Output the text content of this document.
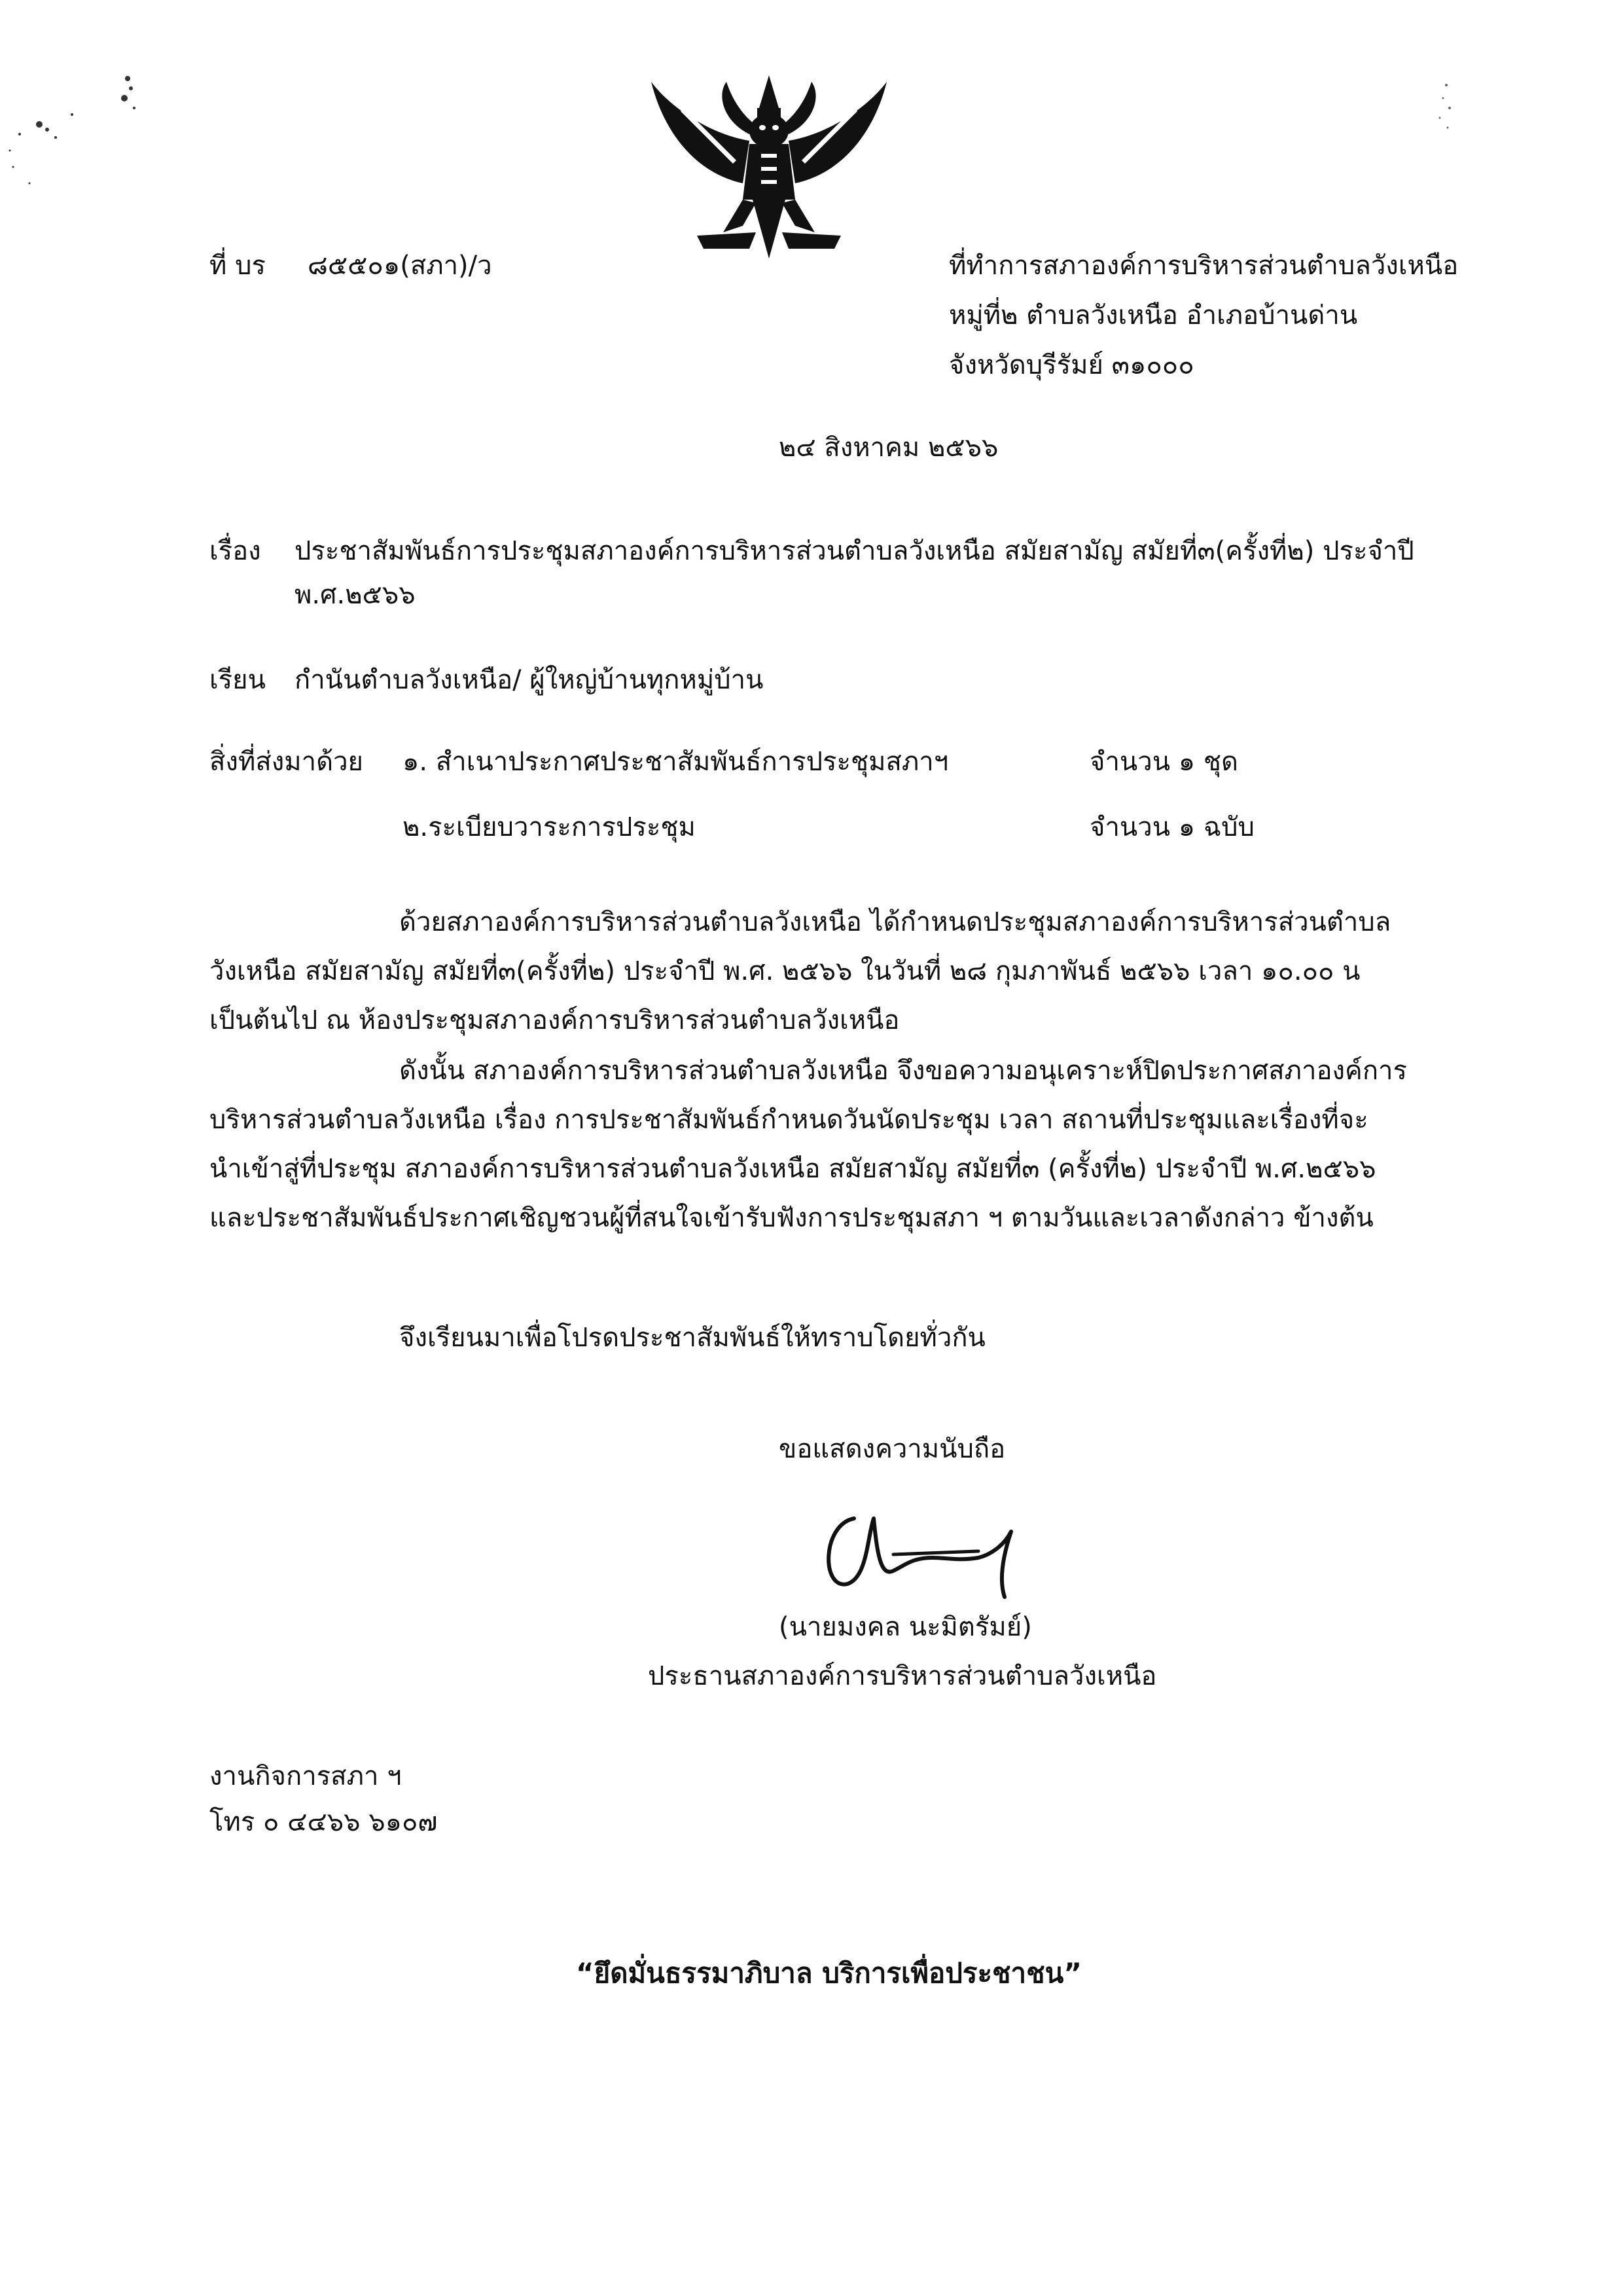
ที่ บร ๘๕๕๐๑(สภา)/ว	ที่ทำการสภาองค์การบริหารส่วนตำบลวังเหนือ
หมู่ที่๒ ตำบลวังเหนือ อำเภอบ้านด่าน
จังหวัดบุรีรัมย์ ๓๑๐๐๐
๒๔ สิงหาคม ๒๕๖๖
เรื่อง ประชาสัมพันธ์การประชุมสภาองค์การบริหารส่วนตำบลวังเหนือ สมัยสามัญ สมัยที่๓(ครั้งที่๒) ประจำปี
พ.ศ.๒๕๖๖
เรียน กำนันตำบลวังเหนือ/ ผู้ใหญ่บ้านทุกหมู่บ้าน
สิ่งที่ส่งมาด้วย ๑. สำเนาประกาศประชาสัมพันธ์การประชุมสภาฯ	จำนวน ๑ ชุด
๒.ระเบียบวาระการประชุม	จำนวน ๑ ฉบับ
ด้วยสภาองค์การบริหารส่วนตำบลวังเหนือ ได้กำหนดประชุมสภาองค์การบริหารส่วนตำบล
วังเหนือ สมัยสามัญ สมัยที่๓(ครั้งที่๒) ประจำปี พ.ศ. ๒๕๖๖ ในวันที่ ๒๘ กุมภาพันธ์ ๒๕๖๖ เวลา ๑๐.๐๐ น
เป็นต้นไป ณ ห้องประชุมสภาองค์การบริหารส่วนตำบลวังเหนือ
ดังนั้น สภาองค์การบริหารส่วนตำบลวังเหนือ จึงขอความอนุเคราะห์ปิดประกาศสภาองค์การ
บริหารส่วนตำบลวังเหนือ เรื่อง การประชาสัมพันธ์กำหนดวันนัดประชุม เวลา สถานที่ประชุมและเรื่องที่จะ
นำเข้าสู่ที่ประชุม สภาองค์การบริหารส่วนตำบลวังเหนือ สมัยสามัญ สมัยที่๓ (ครั้งที่๒) ประจำปี พ.ศ.๒๕๖๖
และประชาสัมพันธ์ประกาศเชิญชวนผู้ที่สนใจเข้ารับฟังการประชุมสภา ฯ ตามวันและเวลาดังกล่าว ข้างต้น
จึงเรียนมาเพื่อโปรดประชาสัมพันธ์ให้ทราบโดยทั่วกัน
ขอแสดงความนับถือ
(นายมงคล นะมิตรัมย์)
ประธานสภาองค์การบริหารส่วนตำบลวังเหนือ
งานกิจการสภา ฯ
โทร ๐ ๔๔๖๖ ๖๑๐๗
“ยึดมั่นธรรมาภิบาล บริการเพื่อประชาชน”
